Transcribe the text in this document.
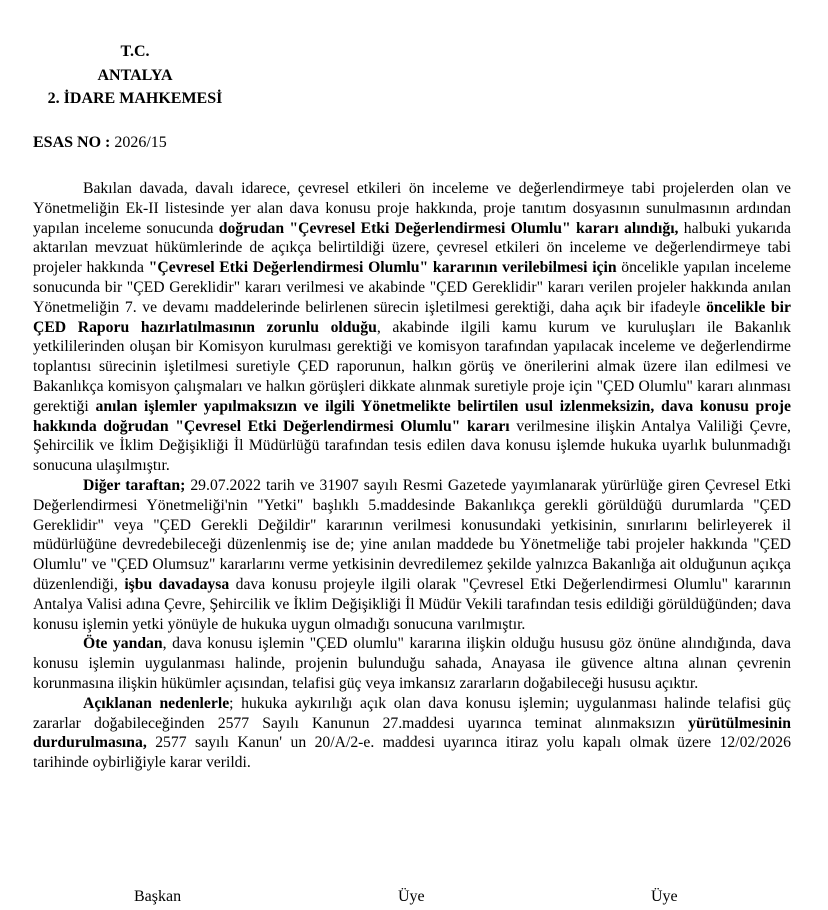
T.C.
ANTALYA
2. İDARE MAHKEMESİ
ESAS NO : 2026/15

Bakılan davada, davalı idarece, çevresel etkileri ön inceleme ve değerlendirmeye tabi projelerden olan ve Yönetmeliğin Ek-II listesinde yer alan dava konusu proje hakkında, proje tanıtım dosyasının sunulmasının ardından yapılan inceleme sonucunda doğrudan "Çevresel Etki Değerlendirmesi Olumlu" kararı alındığı, halbuki yukarıda aktarılan mevzuat hükümlerinde de açıkça belirtildiği üzere, çevresel etkileri ön inceleme ve değerlendirmeye tabi projeler hakkında "Çevresel Etki Değerlendirmesi Olumlu" kararının verilebilmesi için öncelikle yapılan inceleme sonucunda bir "ÇED Gereklidir" kararı verilmesi ve akabinde "ÇED Gereklidir" kararı verilen projeler hakkında anılan Yönetmeliğin 7. ve devamı maddelerinde belirlenen sürecin işletilmesi gerektiği, daha açık bir ifadeyle öncelikle bir ÇED Raporu hazırlatılmasının zorunlu olduğu, akabinde ilgili kamu kurum ve kuruluşları ile Bakanlık yetkililerinden oluşan bir Komisyon kurulması gerektiği ve komisyon tarafından yapılacak inceleme ve değerlendirme toplantısı sürecinin işletilmesi suretiyle ÇED raporunun, halkın görüş ve önerilerini almak üzere ilan edilmesi ve Bakanlıkça komisyon çalışmaları ve halkın görüşleri dikkate alınmak suretiyle proje için "ÇED Olumlu" kararı alınması gerektiği anılan işlemler yapılmaksızın ve ilgili Yönetmelikte belirtilen usul izlenmeksizin, dava konusu proje hakkında doğrudan "Çevresel Etki Değerlendirmesi Olumlu" kararı verilmesine ilişkin Antalya Valiliği Çevre, Şehircilik ve İklim Değişikliği İl Müdürlüğü tarafından tesis edilen dava konusu işlemde hukuka uyarlık bulunmadığı sonucuna ulaşılmıştır.

Diğer taraftan; 29.07.2022 tarih ve 31907 sayılı Resmi Gazetede yayımlanarak yürürlüğe giren Çevresel Etki Değerlendirmesi Yönetmeliği'nin "Yetki" başlıklı 5.maddesinde Bakanlıkça gerekli görüldüğü durumlarda "ÇED Gereklidir" veya "ÇED Gerekli Değildir" kararının verilmesi konusundaki yetkisinin, sınırlarını belirleyerek il müdürlüğüne devredebileceği düzenlenmiş ise de; yine anılan maddede bu Yönetmeliğe tabi projeler hakkında "ÇED Olumlu" ve "ÇED Olumsuz" kararlarını verme yetkisinin devredilemez şekilde yalnızca Bakanlığa ait olduğunun açıkça düzenlendiği, işbu davadaysa dava konusu projeyle ilgili olarak "Çevresel Etki Değerlendirmesi Olumlu" kararının Antalya Valisi adına Çevre, Şehircilik ve İklim Değişikliği İl Müdür Vekili tarafından tesis edildiği görüldüğünden; dava konusu işlemin yetki yönüyle de hukuka uygun olmadığı sonucuna varılmıştır.

Öte yandan, dava konusu işlemin "ÇED olumlu" kararına ilişkin olduğu hususu göz önüne alındığında, dava konusu işlemin uygulanması halinde, projenin bulunduğu sahada, Anayasa ile güvence altına alınan çevrenin korunmasına ilişkin hükümler açısından, telafisi güç veya imkansız zararların doğabileceği hususu açıktır.

Açıklanan nedenlerle; hukuka aykırılığı açık olan dava konusu işlemin; uygulanması halinde telafisi güç zararlar doğabileceğinden 2577 Sayılı Kanunun 27.maddesi uyarınca teminat alınmaksızın yürütülmesinin durdurulmasına, 2577 sayılı Kanun' un 20/A/2-e. maddesi uyarınca itiraz yolu kapalı olmak üzere 12/02/2026 tarihinde oybirliğiyle karar verildi.

Başkan	Üye	Üye
